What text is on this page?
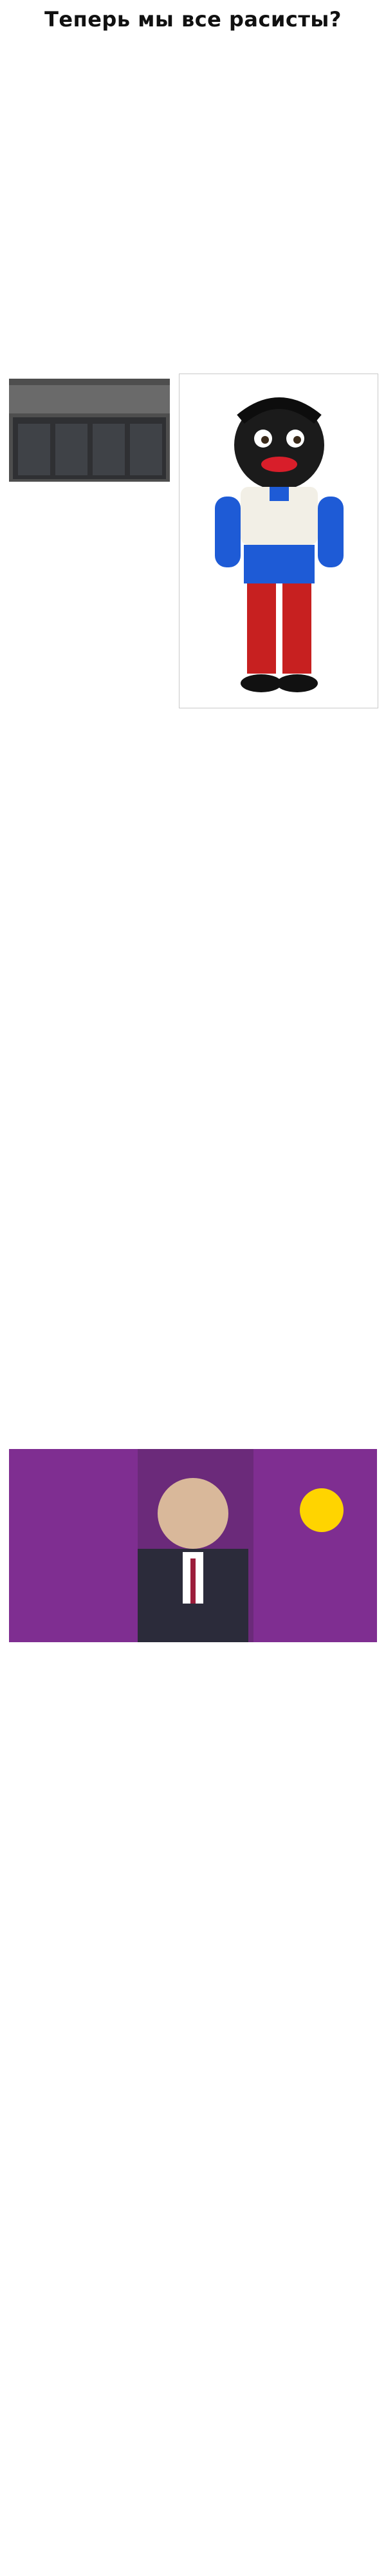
Теперь мы все расисты?
